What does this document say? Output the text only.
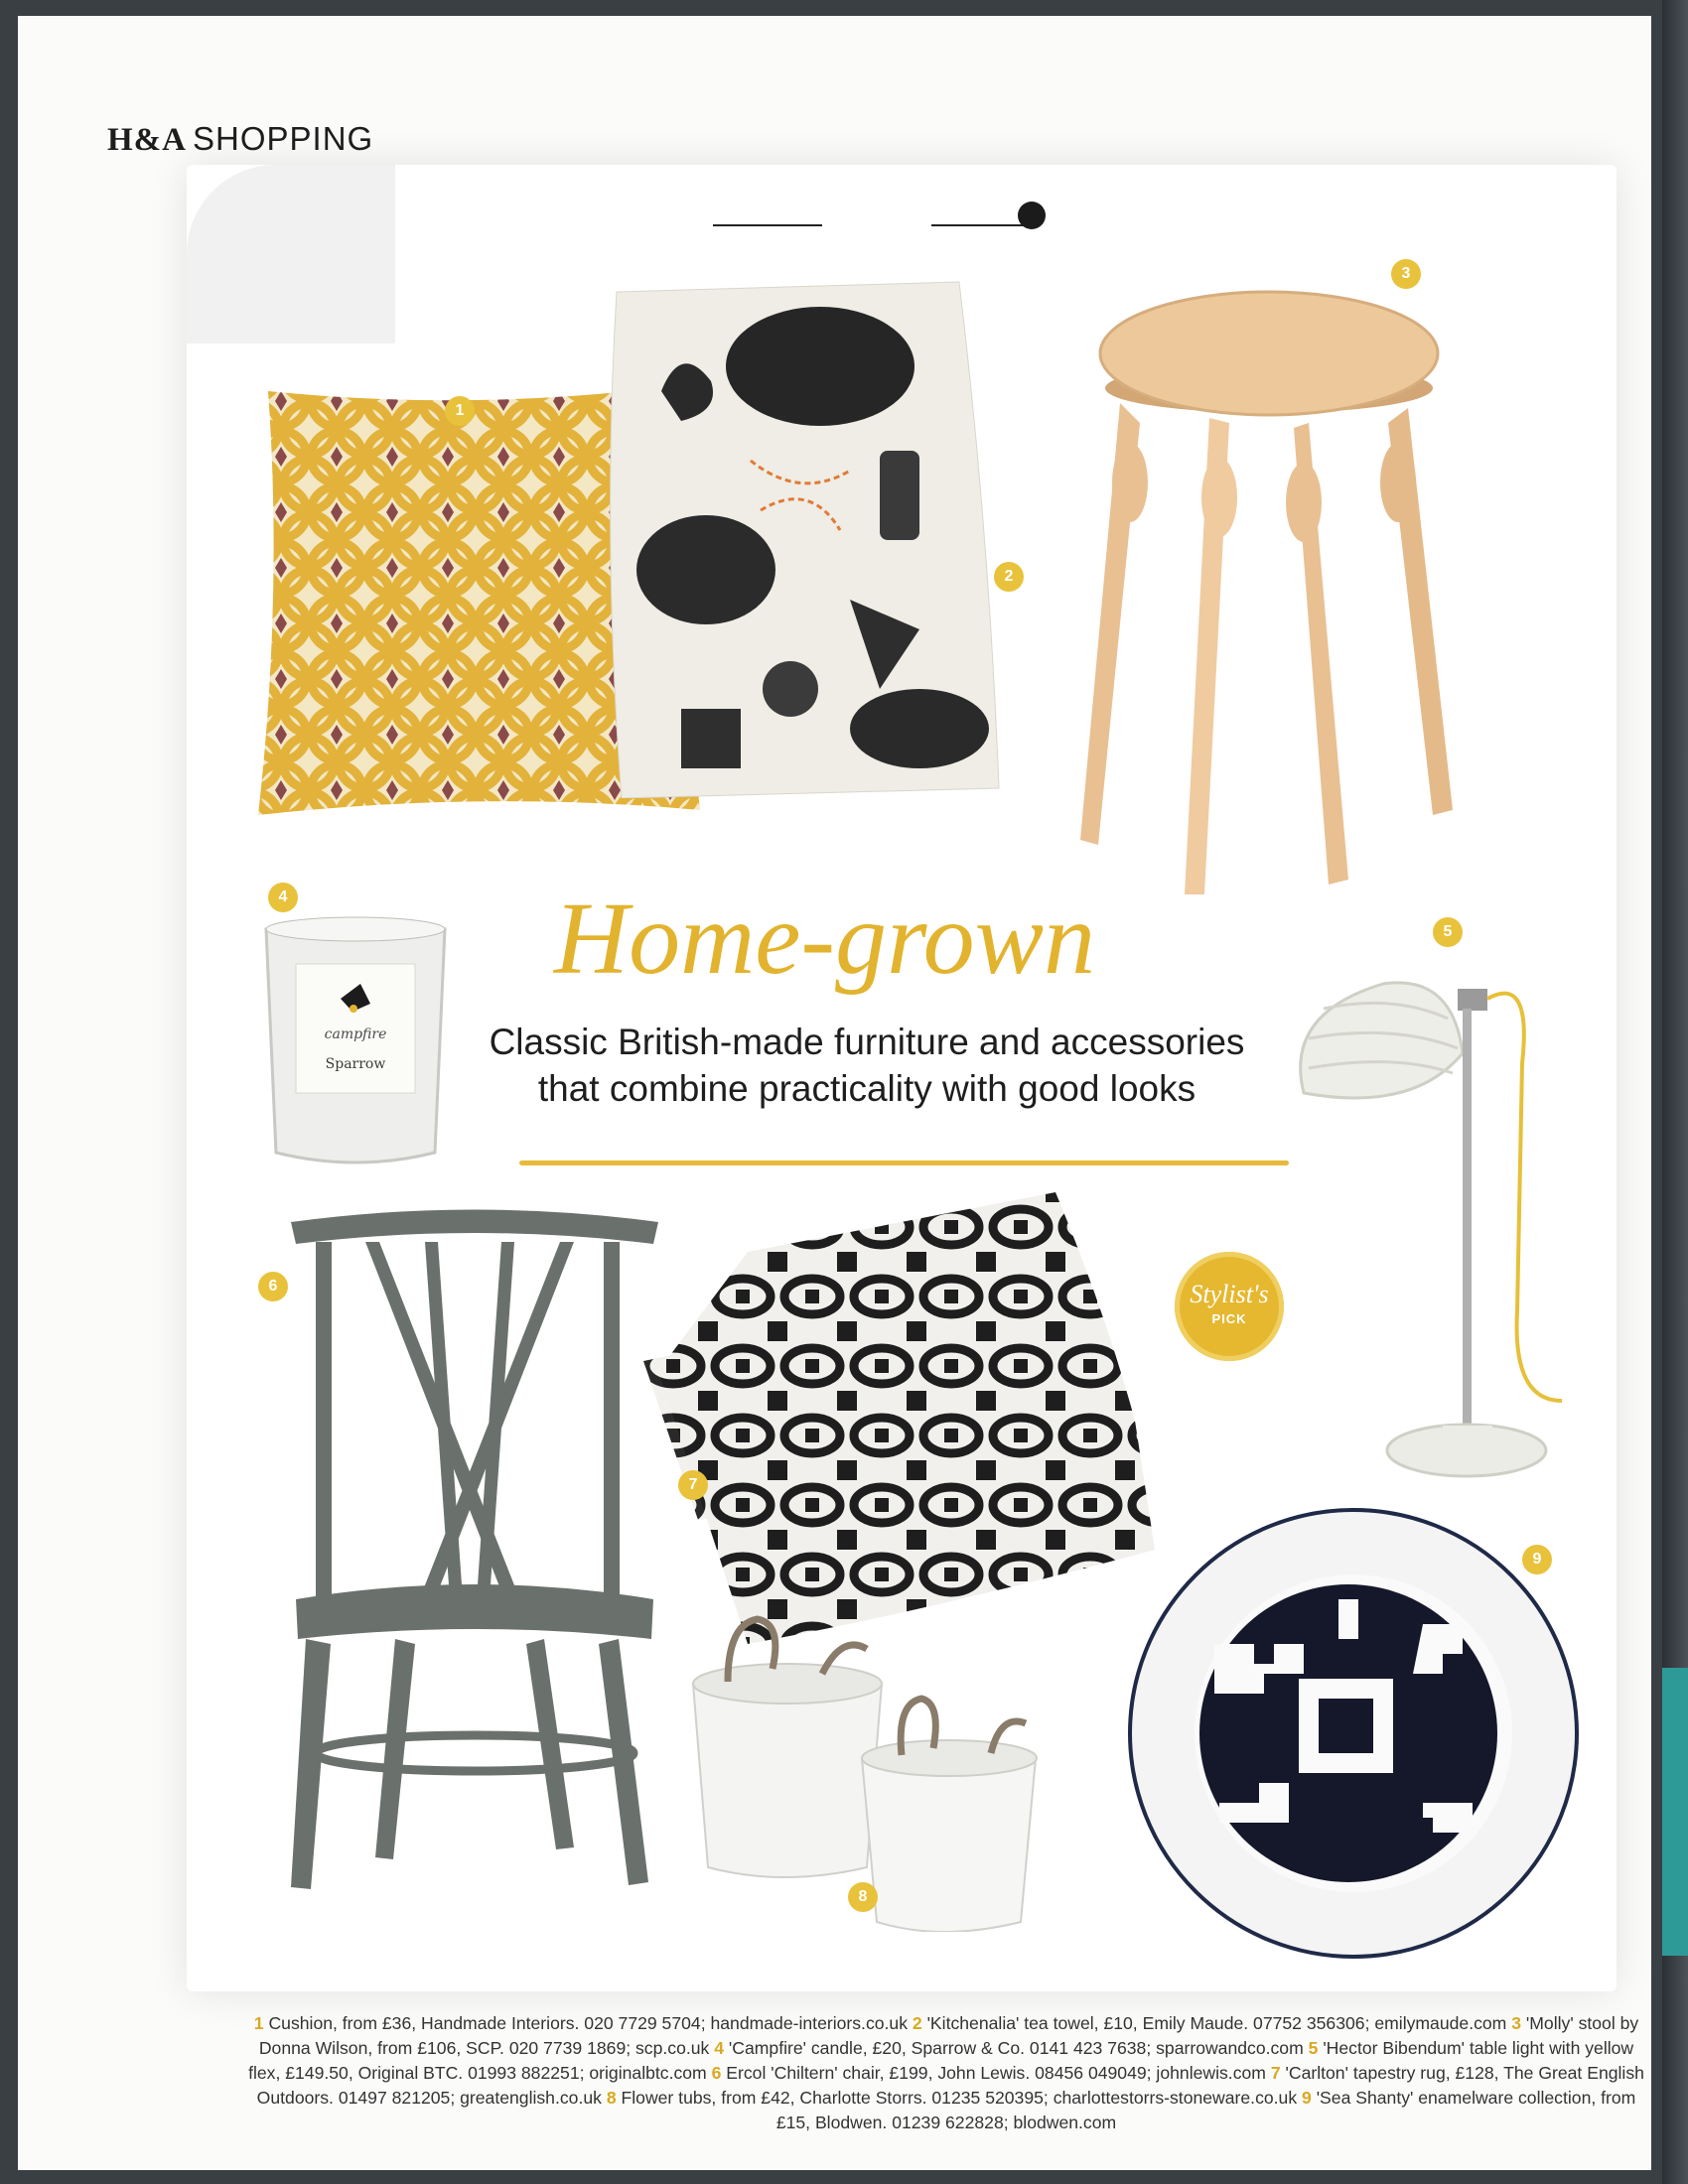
H&A SHOPPING
campfire
Sparrow
1
2
3
4
5
6
7
8
9
Home-grown
Classic British-made furniture and accessories
that combine practicality with good looks
Stylist's
PICK
1 Cushion, from £36, Handmade Interiors. 020 7729 5704; handmade-interiors.co.uk 2 'Kitchenalia' tea towel, £10, Emily Maude. 07752 356306; emilymaude.com 3 'Molly' stool by Donna Wilson, from £106, SCP. 020 7739 1869; scp.co.uk 4 'Campfire' candle, £20, Sparrow & Co. 0141 423 7638; sparrowandco.com 5 'Hector Bibendum' table light with yellow flex, £149.50, Original BTC. 01993 882251; originalbtc.com 6 Ercol 'Chiltern' chair, £199, John Lewis. 08456 049049; johnlewis.com 7 'Carlton' tapestry rug, £128, The Great English Outdoors. 01497 821205; greatenglish.co.uk 8 Flower tubs, from £42, Charlotte Storrs. 01235 520395; charlottestorrs-stoneware.co.uk 9 'Sea Shanty' enamelware collection, from £15, Blodwen. 01239 622828; blodwen.com
